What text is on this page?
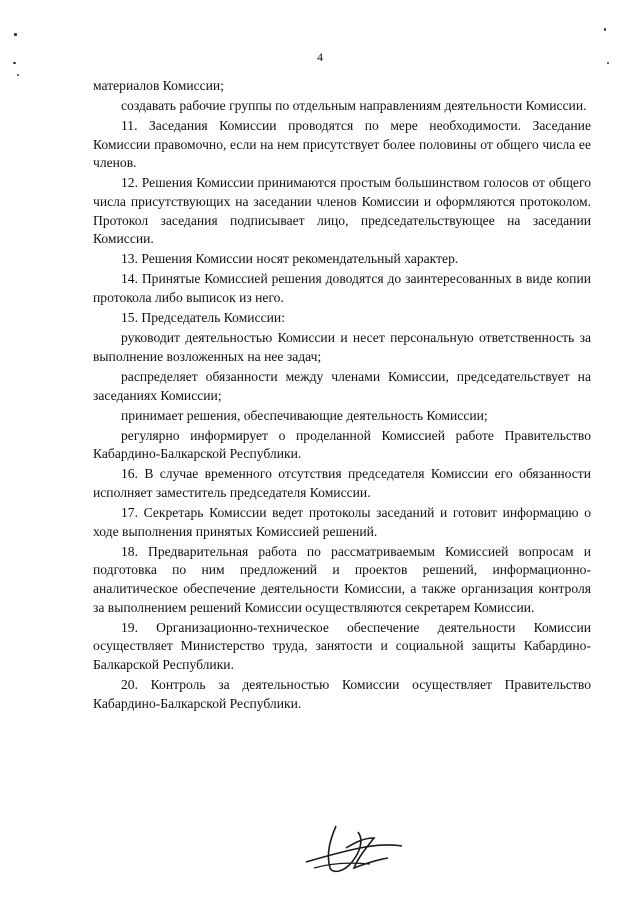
4

материалов Комиссии;

создавать рабочие группы по отдельным направлениям деятельности Комиссии.

11. Заседания Комиссии проводятся по мере необходимости. Заседание Комиссии правомочно, если на нем присутствует более половины от общего числа ее членов.

12. Решения Комиссии принимаются простым большинством голосов от общего числа присутствующих на заседании членов Комиссии и оформляются протоколом. Протокол заседания подписывает лицо, председательствующее на заседании Комиссии.

13. Решения Комиссии носят рекомендательный характер.

14. Принятые Комиссией решения доводятся до заинтересованных в виде копии протокола либо выписок из него.

15. Председатель Комиссии:

руководит деятельностью Комиссии и несет персональную ответственность за выполнение возложенных на нее задач;

распределяет обязанности между членами Комиссии, председательствует на заседаниях Комиссии;

принимает решения, обеспечивающие деятельность Комиссии;

регулярно информирует о проделанной Комиссией работе Правительство Кабардино-Балкарской Республики.

16. В случае временного отсутствия председателя Комиссии его обязанности исполняет заместитель председателя Комиссии.

17. Секретарь Комиссии ведет протоколы заседаний и готовит информацию о ходе выполнения принятых Комиссией решений.

18. Предварительная работа по рассматриваемым Комиссией вопросам и подготовка по ним предложений и проектов решений, информационно-аналитическое обеспечение деятельности Комиссии, а также организация контроля за выполнением решений Комиссии осуществляются секретарем Комиссии.

19. Организационно-техническое обеспечение деятельности Комиссии осуществляет Министерство труда, занятости и социальной защиты Кабардино-Балкарской Республики.

20. Контроль за деятельностью Комиссии осуществляет Правительство Кабардино-Балкарской Республики.
